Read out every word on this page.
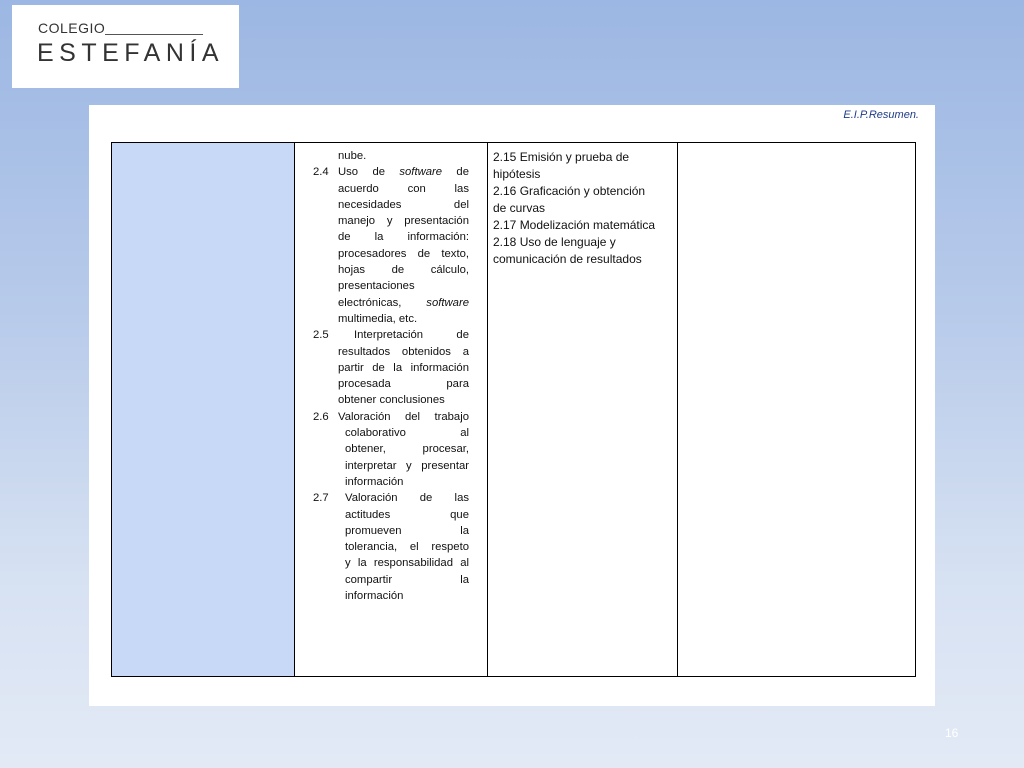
COLEGIO
ESTEFANÍA
E.I.P.Resumen.

nube.
2.4 Uso de software de
acuerdo con las
necesidades del
manejo y presentación
de la información:
procesadores de texto,
hojas de cálculo,
presentaciones
electrónicas, software
multimedia, etc.
2.5	Interpretación de
resultados obtenidos a
partir de la información
procesada para
obtener conclusiones
2.6 Valoración del trabajo
colaborativo al
obtener, procesar,
interpretar y presentar
información
2.7 Valoración de las
actitudes que
promueven la
tolerancia, el respeto
y la responsabilidad al
compartir la
información

2.15 Emisión y prueba de
hipótesis
2.16 Graficación y obtención
de curvas
2.17 Modelización matemática
2.18 Uso de lenguaje y
comunicación de resultados

16
